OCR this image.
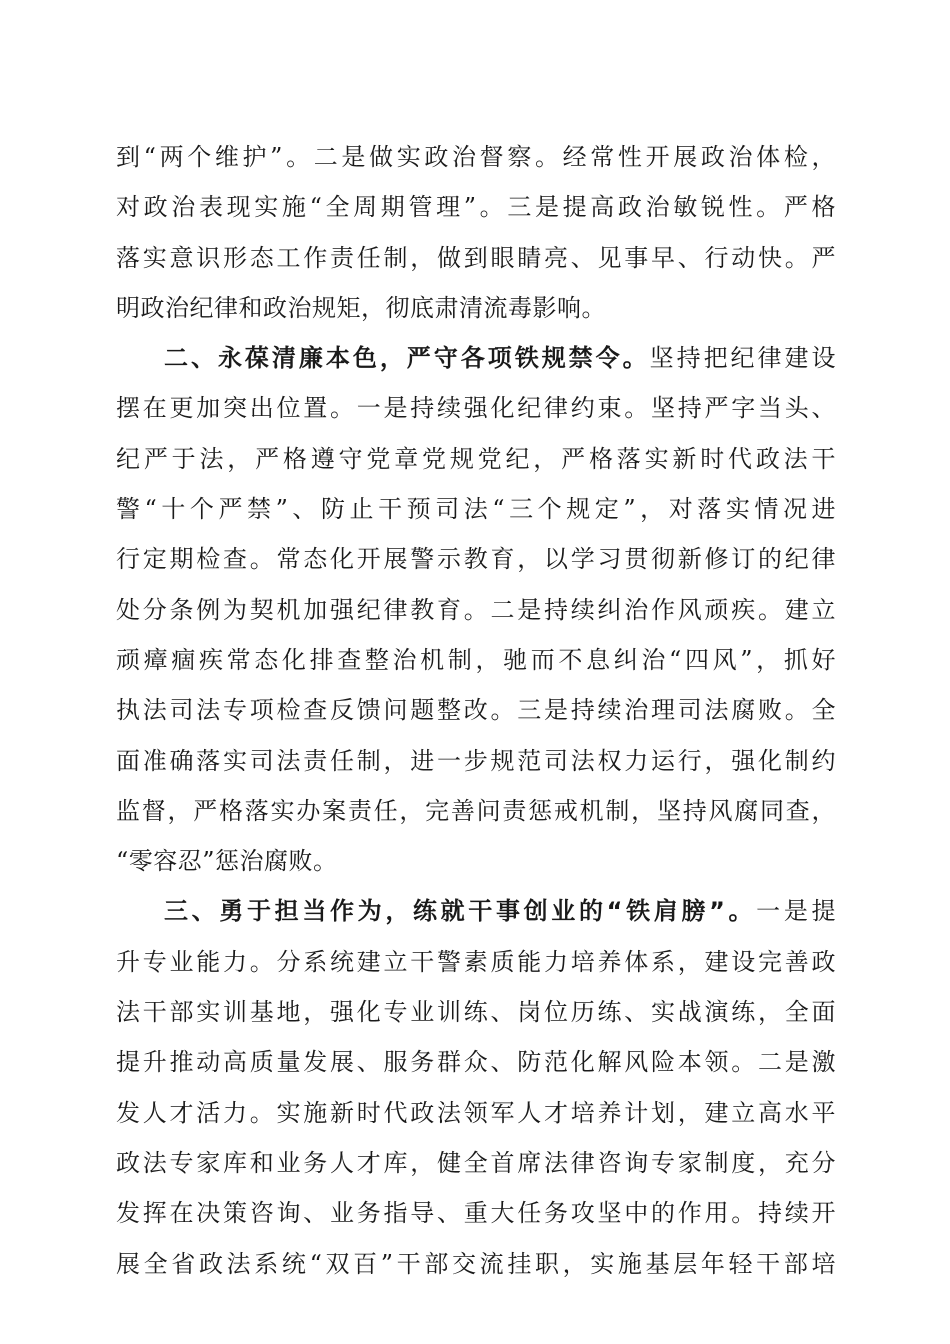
到“两个维护”。二是做实政治督察。经常性开展政治体检，
对政治表现实施“全周期管理”。三是提高政治敏锐性。严格
落实意识形态工作责任制，做到眼睛亮、见事早、行动快。严
明政治纪律和政治规矩，彻底肃清流毒影响。
二、永葆清廉本色，严守各项铁规禁令。坚持把纪律建设
摆在更加突出位置。一是持续强化纪律约束。坚持严字当头、
纪严于法，严格遵守党章党规党纪，严格落实新时代政法干
警“十个严禁”、防止干预司法“三个规定”，对落实情况进
行定期检查。常态化开展警示教育，以学习贯彻新修订的纪律
处分条例为契机加强纪律教育。二是持续纠治作风顽疾。建立
顽瘴痼疾常态化排查整治机制，驰而不息纠治“四风”，抓好
执法司法专项检查反馈问题整改。三是持续治理司法腐败。全
面准确落实司法责任制，进一步规范司法权力运行，强化制约
监督，严格落实办案责任，完善问责惩戒机制，坚持风腐同查，
“零容忍”惩治腐败。
三、勇于担当作为，练就干事创业的“铁肩膀”。一是提
升专业能力。分系统建立干警素质能力培养体系，建设完善政
法干部实训基地，强化专业训练、岗位历练、实战演练，全面
提升推动高质量发展、服务群众、防范化解风险本领。二是激
发人才活力。实施新时代政法领军人才培养计划，建立高水平
政法专家库和业务人才库，健全首席法律咨询专家制度，充分
发挥在决策咨询、业务指导、重大任务攻坚中的作用。持续开
展全省政法系统“双百”干部交流挂职，实施基层年轻干部培
